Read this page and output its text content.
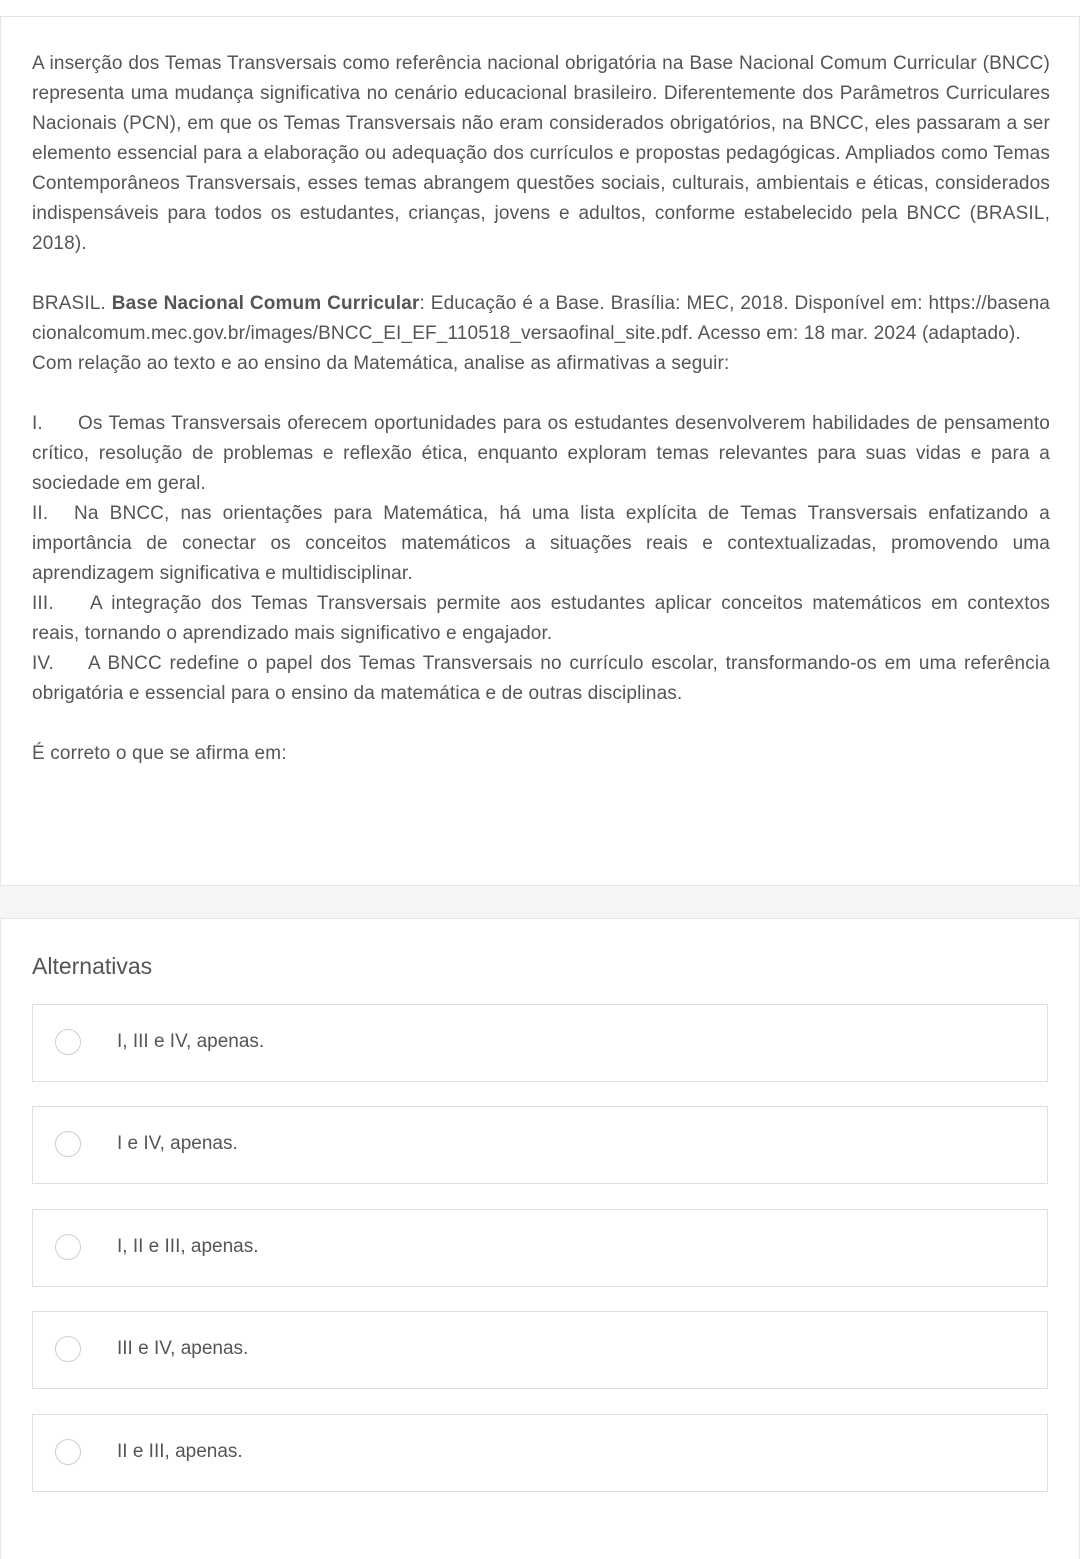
A inserção dos Temas Transversais como referência nacional obrigatória na Base Nacional Comum Curricular (BNCC) representa uma mudança significativa no cenário educacional brasileiro. Diferentemente dos Parâmetros Curriculares Nacionais (PCN), em que os Temas Transversais não eram considerados obrigatórios, na BNCC, eles passaram a ser elemento essencial para a elaboração ou adequação dos currículos e propostas pedagógicas. Ampliados como Temas Contemporâneos Transversais, esses temas abrangem questões sociais, culturais, ambientais e éticas, considerados indispensáveis para todos os estudantes, crianças, jovens e adultos, conforme estabelecido pela BNCC (BRASIL, 2018).

BRASIL. Base Nacional Comum Curricular: Educação é a Base. Brasília: MEC, 2018. Disponível em: https://basenacionalcomum.mec.gov.br/images/BNCC_EI_EF_110518_versaofinal_site.pdf. Acesso em: 18 mar. 2024 (adaptado).

Com relação ao texto e ao ensino da Matemática, analise as afirmativas a seguir:

I. Os Temas Transversais oferecem oportunidades para os estudantes desenvolverem habilidades de pensamento crítico, resolução de problemas e reflexão ética, enquanto exploram temas relevantes para suas vidas e para a sociedade em geral.

II. Na BNCC, nas orientações para Matemática, há uma lista explícita de Temas Transversais enfatizando a importância de conectar os conceitos matemáticos a situações reais e contextualizadas, promovendo uma aprendizagem significativa e multidisciplinar.

III. A integração dos Temas Transversais permite aos estudantes aplicar conceitos matemáticos em contextos reais, tornando o aprendizado mais significativo e engajador.

IV. A BNCC redefine o papel dos Temas Transversais no currículo escolar, transformando-os em uma referência obrigatória e essencial para o ensino da matemática e de outras disciplinas.

É correto o que se afirma em:

Alternativas
I, III e IV, apenas.
I e IV, apenas.
I, II e III, apenas.
III e IV, apenas.
II e III, apenas.
